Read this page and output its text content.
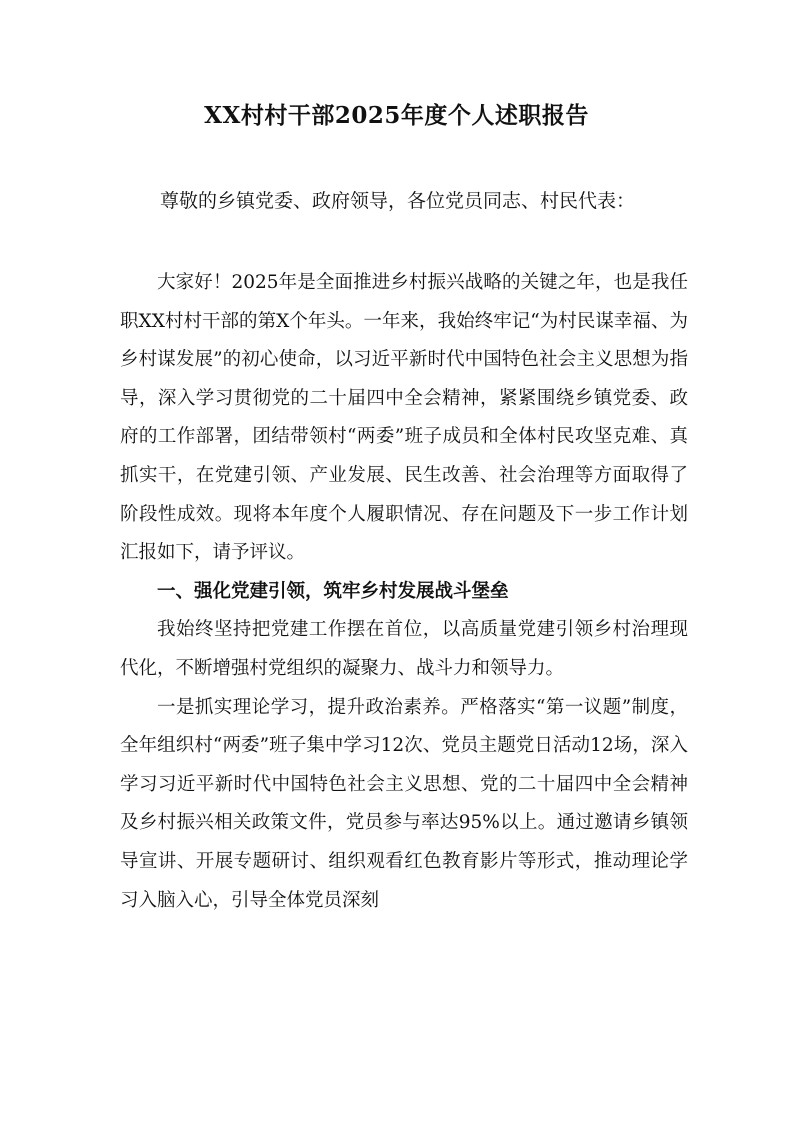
XX村村干部2025年度个人述职报告
尊敬的乡镇党委、政府领导，各位党员同志、村民代表：

大家好！2025年是全面推进乡村振兴战略的关键之年，也是我任职XX村村干部的第X个年头。一年来，我始终牢记“为村民谋幸福、为乡村谋发展”的初心使命，以习近平新时代中国特色社会主义思想为指导，深入学习贯彻党的二十届四中全会精神，紧紧围绕乡镇党委、政府的工作部署，团结带领村“两委”班子成员和全体村民攻坚克难、真抓实干，在党建引领、产业发展、民生改善、社会治理等方面取得了阶段性成效。现将本年度个人履职情况、存在问题及下一步工作计划汇报如下，请予评议。

一、强化党建引领，筑牢乡村发展战斗堡垒

我始终坚持把党建工作摆在首位，以高质量党建引领乡村治理现代化，不断增强村党组织的凝聚力、战斗力和领导力。

一是抓实理论学习，提升政治素养。严格落实“第一议题”制度，全年组织村“两委”班子集中学习12次、党员主题党日活动12场，深入学习习近平新时代中国特色社会主义思想、党的二十届四中全会精神及乡村振兴相关政策文件，党员参与率达95%以上。通过邀请乡镇领导宣讲、开展专题研讨、组织观看红色教育影片等形式，推动理论学习入脑入心，引导全体党员深刻
